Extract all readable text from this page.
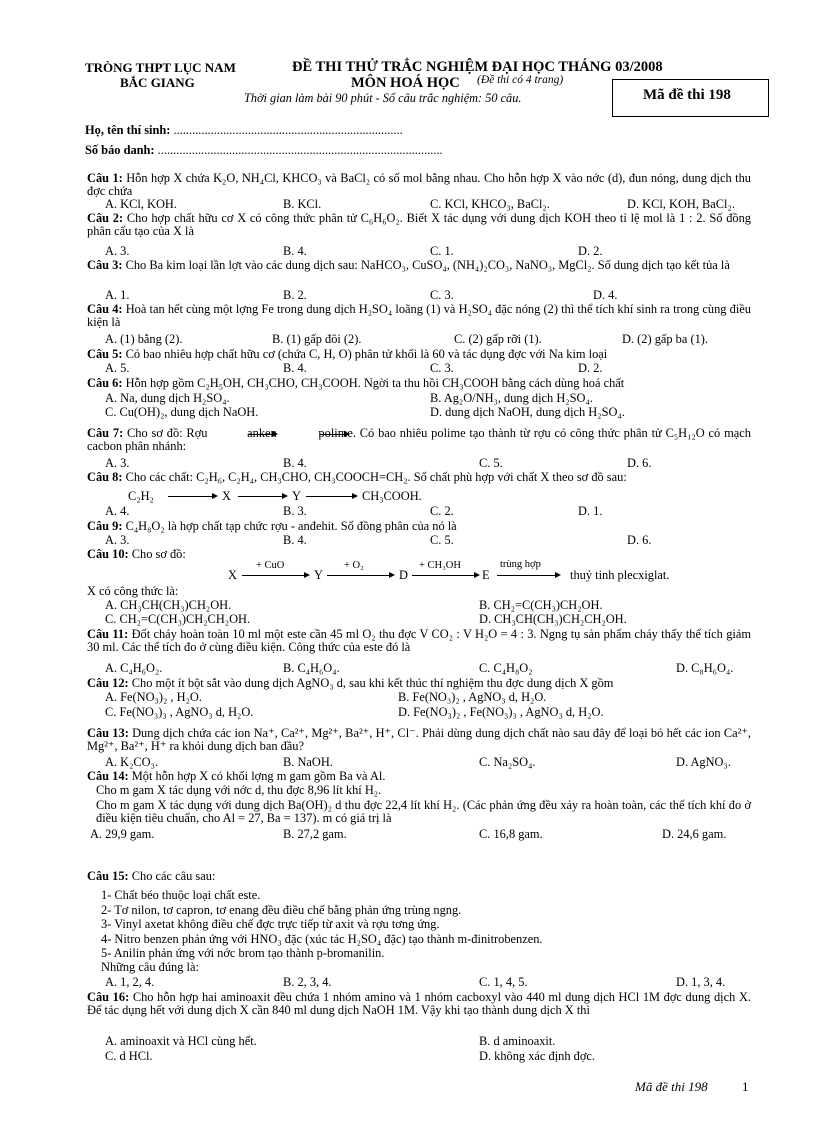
TRÒNG THPT LỤC NAM
BẮC GIANG
ĐỀ THI THỬ TRẮC NGHIỆM ĐẠI HỌC THÁNG 03/2008
MÔN HOÁ HỌC (Đề thi có 4 trang)
Thời gian làm bài 90 phút - Số câu trắc nghiệm: 50 câu.	Mã đề thi 198
Họ, tên thí sinh: ..........................................................................
Số báo danh: ............................................................................................
Câu 1: Hỗn hợp X chứa K₂O, NH₄Cl, KHCO₃ và BaCl₂ có số mol bằng nhau. Cho hỗn hợp X vào nớc (d), đun nóng, dung dịch thu đợc chứa
A. KCl, KOH.	B. KCl.	C. KCl, KHCO₃, BaCl₂.	D. KCl, KOH, BaCl₂.
Câu 2: Cho hợp chất hữu cơ X có công thức phân tử C₆H₆O₂. Biết X tác dụng với dung dịch KOH theo tỉ lệ mol là 1 : 2. Số đồng phân cấu tạo của X là
A. 3.	B. 4.	C. 1.	D. 2.
Câu 3: Cho Ba kim loại lần lợt vào các dung dịch sau: NaHCO₃, CuSO₄, (NH₄)₂CO₃, NaNO₃, MgCl₂. Số dung dịch tạo kết tủa là
A. 1.	B. 2.	C. 3.	D. 4.
Câu 4: Hoà tan hết cùng một lợng Fe trong dung dịch H₂SO₄ loãng (1) và H₂SO₄ đặc nóng (2) thì thể tích khí sinh ra trong cùng điều kiện là
A. (1) bằng (2).	B. (1) gấp đôi (2).	C. (2) gấp rỡi (1).	D. (2) gấp ba (1).
Câu 5: Có bao nhiêu hợp chất hữu cơ (chứa C, H, O) phân tử khối là 60 và tác dụng đợc với Na kim loại
A. 5.	B. 4.	C. 3.	D. 2.
Câu 6: Hỗn hợp gồm C₂H₅OH, CH₃CHO, CH₃COOH. Ngời ta thu hồi CH₃COOH bằng cách dùng hoá chất
A. Na, dung dịch H₂SO₄.	B. Ag₂O/NH₃, dung dịch H₂SO₄.
C. Cu(OH)₂, dung dịch NaOH.	D. dung dịch NaOH, dung dịch H₂SO₄.
Câu 7: Cho sơ đồ: Rợu	anken	polime. Có bao nhiêu polime tạo thành từ rợu có công thức phân tử C₅H₁₂O có mạch cacbon phân nhánh:
A. 3.	B. 4.	C. 5.	D. 6.
Câu 8: Cho các chất: C₂H₆, C₂H₄, CH₃CHO, CH₃COOCH=CH₂. Số chất phù hợp với chất X theo sơ đồ sau:
C₂H₂ → X → Y	CH₃COOH.
A. 4.	B. 3.	C. 2.	D. 1.
Câu 9: C₄H₈O₂ là hợp chất tạp chức rợu - anđehit. Số đồng phân của nó là
A. 3.	B. 4.	C. 5.	D. 6.
Câu 10: Cho sơ đồ:
X
+ CuO
Y
+ O₂
D
+ CH₃OH
E
trùng hợp
thuỷ tinh plecxiglat.
X có công thức là:
A. CH₃CH(CH₃)CH₂OH.	B. CH₂=C(CH₃)CH₂OH.
C. CH₂=C(CH₃)CH₂CH₂OH.	D. CH₃CH(CH₃)CH₂CH₂OH.
Câu 11: Đốt cháy hoàn toàn 10 ml một este cần 45 ml O₂ thu đợc V CO₂ : V H₂O = 4 : 3. Ngng tụ sản phẩm cháy thấy thể tích giảm 30 ml. Các thể tích đo ở cùng điều kiện. Công thức của este đó là
A. C₄H₆O₂.	B. C₄H₆O₄.	C. C₄H₈O₂	D. C₈H₆O₄.
Câu 12: Cho một ít bột sắt vào dung dịch AgNO₃ d, sau khi kết thúc thí nghiệm thu đợc dung dịch X gồm
A. Fe(NO₃)₂ , H₂O.	B. Fe(NO₃)₂ , AgNO₃ d, H₂O.
C. Fe(NO₃)₃ , AgNO₃ d, H₂O.	D. Fe(NO₃)₂ , Fe(NO₃)₃ , AgNO₃ d, H₂O.
Câu 13: Dung dịch chứa các ion Na⁺, Ca²⁺, Mg²⁺, Ba²⁺, H⁺, Cl⁻. Phải dùng dung dịch chất nào sau đây để loại bỏ hết các ion Ca²⁺, Mg²⁺, Ba²⁺, H⁺ ra khỏi dung dịch ban đầu?
A. K₂CO₃.	B. NaOH.	C. Na₂SO₄.	D. AgNO₃.
Câu 14: Một hỗn hợp X có khối lợng m gam gồm Ba và Al.
Cho m gam X tác dụng với nớc d, thu đợc 8,96 lít khí H₂.
Cho m gam X tác dụng với dung dịch Ba(OH)₂ d thu đợc 22,4 lít khí H₂. (Các phản ứng đều xảy ra hoàn toàn, các thể tích khí đo ở điều kiện tiêu chuẩn, cho Al = 27, Ba = 137). m có giá trị là
A. 29,9 gam.	B. 27,2 gam.	C. 16,8 gam.	D. 24,6 gam.
Câu 15: Cho các câu sau:
1- Chất béo thuộc loại chất este.
2- Tơ nilon, tơ capron, tơ enang đều điều chế bằng phản ứng trùng ngng.
3- Vinyl axetat không điều chế đợc trực tiếp từ axit và rợu tơng ứng.
4- Nitro benzen phản ứng với HNO₃ đặc (xúc tác H₂SO₄ đặc) tạo thành m-đinitrobenzen.
5- Anilin phản ứng với nớc brom tạo thành p-bromanilin.
Những câu đúng là:
A. 1, 2, 4.	B. 2, 3, 4.	C. 1, 4, 5.	D. 1, 3, 4.
Câu 16: Cho hỗn hợp hai aminoaxit đều chứa 1 nhóm amino và 1 nhóm cacboxyl vào 440 ml dung dịch HCl 1M đợc dung dịch X. Để tác dụng hết với dung dịch X cần 840 ml dung dịch NaOH 1M. Vậy khi tạo thành dung dịch X thì
A. aminoaxit và HCl cùng hết.	B. d aminoaxit.
C. d HCl.	D. không xác định đợc.
Mã đề thi 198	1
